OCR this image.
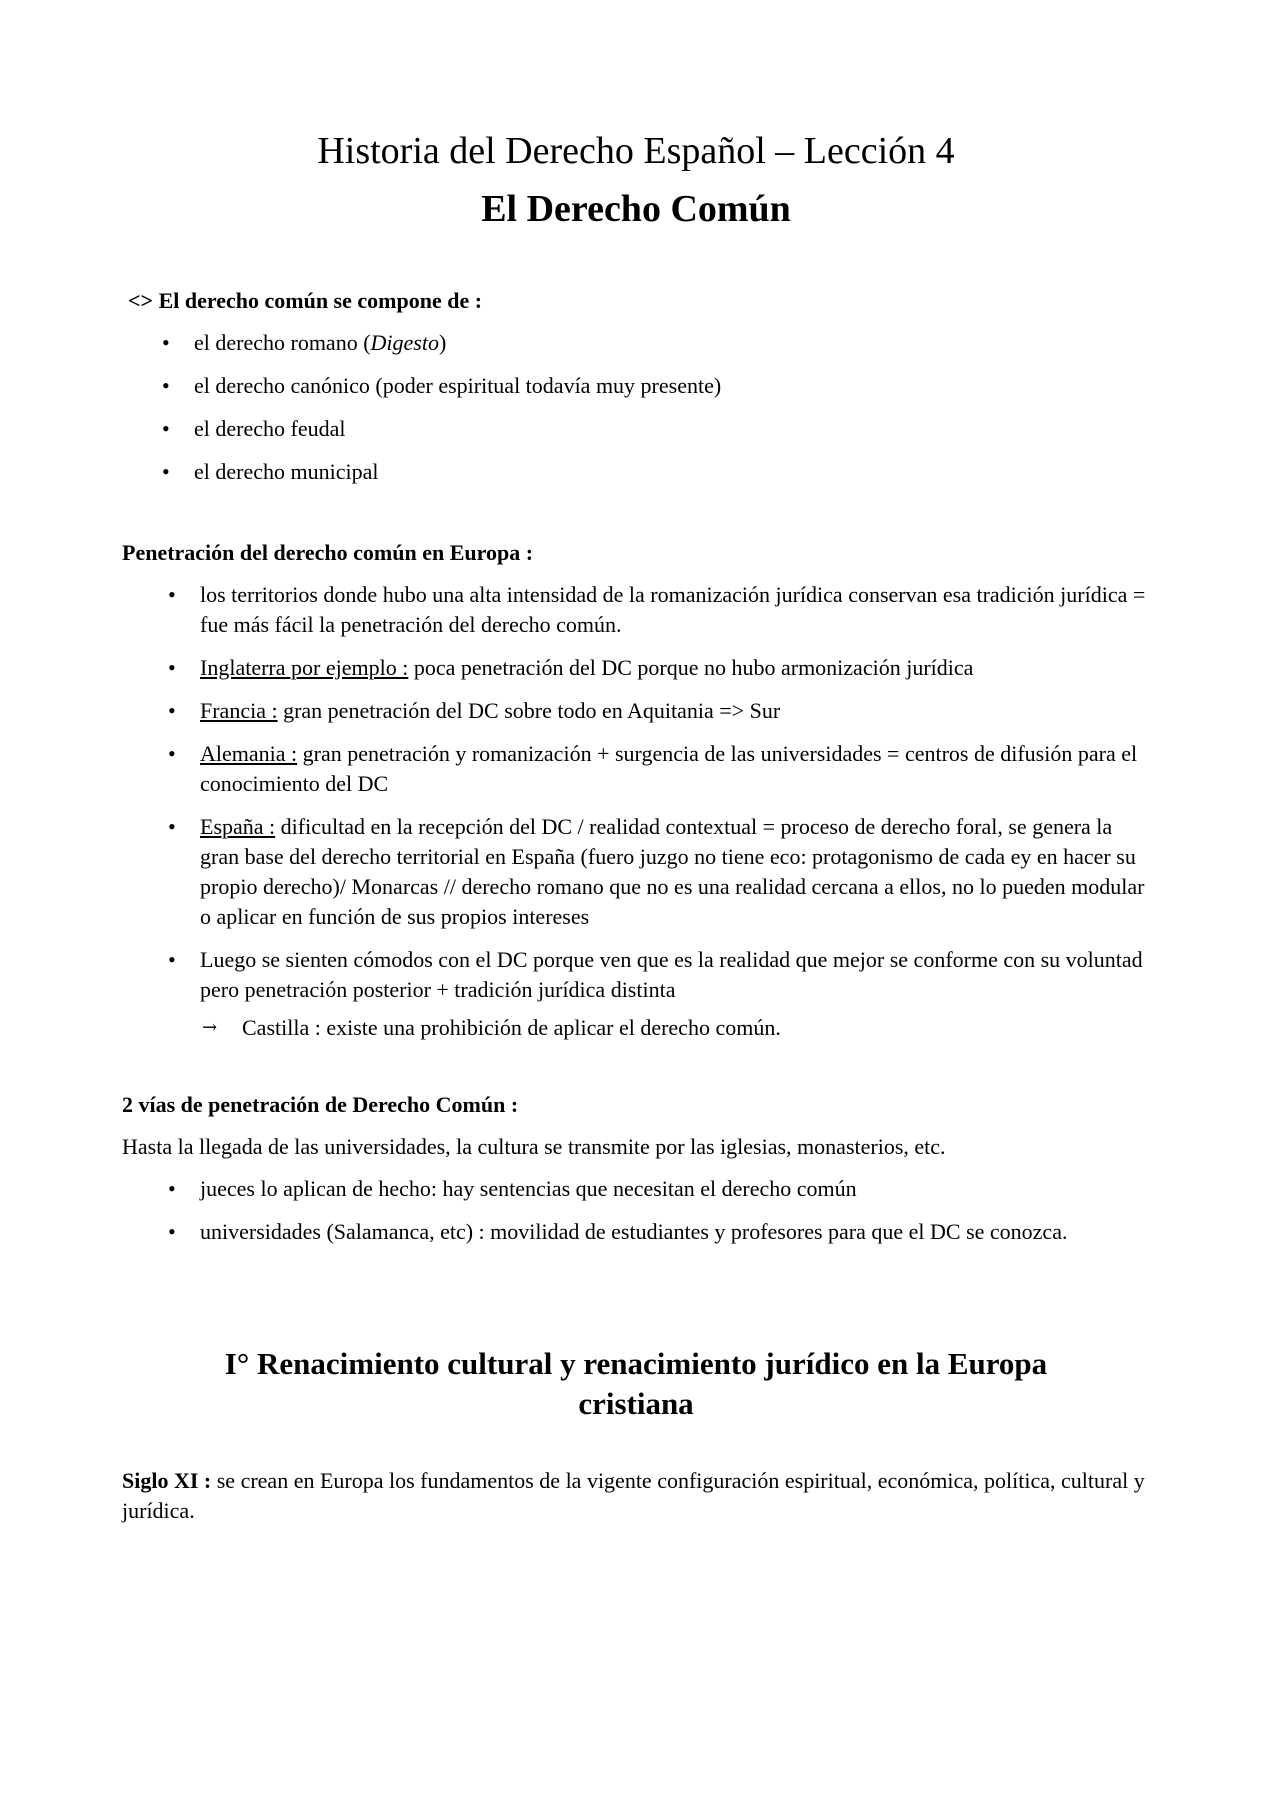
Historia del Derecho Español – Lección 4
El Derecho Común

<> El derecho común se compone de :

• el derecho romano (Digesto)
• el derecho canónico (poder espiritual todavía muy presente)
• el derecho feudal
• el derecho municipal

Penetración del derecho común en Europa :

• los territorios donde hubo una alta intensidad de la romanización jurídica conservan esa tradición jurídica = fue más fácil la penetración del derecho común.
• Inglaterra por ejemplo : poca penetración del DC porque no hubo armonización jurídica
• Francia : gran penetración del DC sobre todo en Aquitania => Sur
• Alemania : gran penetración y romanización + surgencia de las universidades = centros de difusión para el conocimiento del DC
• España : dificultad en la recepción del DC / realidad contextual = proceso de derecho foral, se genera la gran base del derecho territorial en España (fuero juzgo no tiene eco: protagonismo de cada ey en hacer su propio derecho)/ Monarcas // derecho romano que no es una realidad cercana a ellos, no lo pueden modular o aplicar en función de sus propios intereses
• Luego se sienten cómodos con el DC porque ven que es la realidad que mejor se conforme con su voluntad pero penetración posterior + tradición jurídica distinta

→ Castilla : existe una prohibición de aplicar el derecho común.

2 vías de penetración de Derecho Común :

Hasta la llegada de las universidades, la cultura se transmite por las iglesias, monasterios, etc.

• jueces lo aplican de hecho: hay sentencias que necesitan el derecho común
• universidades (Salamanca, etc) : movilidad de estudiantes y profesores para que el DC se conozca.
I° Renacimiento cultural y renacimiento jurídico en la Europa
cristiana

Siglo XI : se crean en Europa los fundamentos de la vigente configuración espiritual, económica, política, cultural y jurídica.
